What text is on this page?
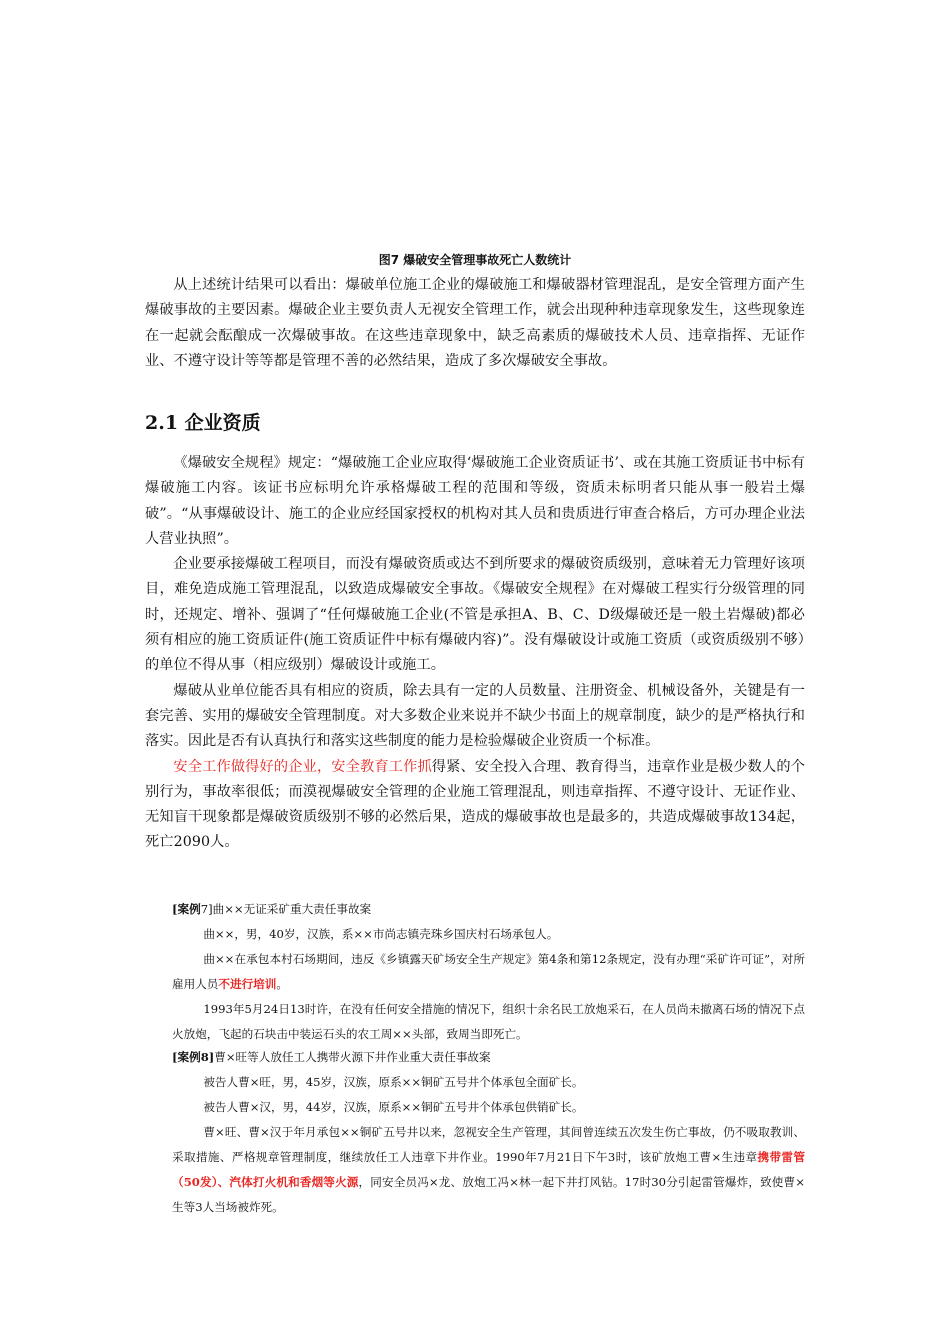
图7 爆破安全管理事故死亡人数统计

从上述统计结果可以看出：爆破单位施工企业的爆破施工和爆破器材管理混乱，是安全管理方面产生爆破事故的主要因素。爆破企业主要负责人无视安全管理工作，就会出现种种违章现象发生，这些现象连在一起就会酝酿成一次爆破事故。在这些违章现象中，缺乏高素质的爆破技术人员、违章指挥、无证作业、不遵守设计等等都是管理不善的必然结果，造成了多次爆破安全事故。

2.1 企业资质

《爆破安全规程》规定：“爆破施工企业应取得‘爆破施工企业资质证书’、或在其施工资质证书中标有爆破施工内容。该证书应标明允许承格爆破工程的范围和等级，资质未标明者只能从事一般岩土爆破”。“从事爆破设计、施工的企业应经国家授权的机构对其人员和贵质进行审查合格后，方可办理企业法人营业执照”。

企业要承接爆破工程项目，而没有爆破资质或达不到所要求的爆破资质级别，意味着无力管理好该项目，难免造成施工管理混乱，以致造成爆破安全事故。《爆破安全规程》在对爆破工程实行分级管理的同时，还规定、增补、强调了“任何爆破施工企业(不管是承担A、B、C、D级爆破还是一般土岩爆破)都必须有相应的施工资质证件(施工资质证件中标有爆破内容)”。没有爆破设计或施工资质（或资质级别不够）的单位不得从事（相应级别）爆破设计或施工。

爆破从业单位能否具有相应的资质，除去具有一定的人员数量、注册资金、机械设备外，关键是有一套完善、实用的爆破安全管理制度。对大多数企业来说并不缺少书面上的规章制度，缺少的是严格执行和落实。因此是否有认真执行和落实这些制度的能力是检验爆破企业资质一个标准。

安全工作做得好的企业，安全教育工作抓得紧、安全投入合理、教育得当，违章作业是极少数人的个别行为，事故率很低；而漠视爆破安全管理的企业施工管理混乱，则违章指挥、不遵守设计、无证作业、无知盲干现象都是爆破资质级别不够的必然后果，造成的爆破事故也是最多的，共造成爆破事故134起，死亡2090人。

[案例7]曲××无证采矿重大责任事故案

曲××，男，40岁，汉族，系××市尚志镇壳珠乡国庆村石场承包人。

曲××在承包本村石场期间，违反《乡镇露天矿场安全生产规定》第4条和第12条规定，没有办理“采矿许可证”，对所雇用人员不进行培训。

1993年5月24日13时许，在没有任何安全措施的情况下，组织十余名民工放炮采石，在人员尚未撤离石场的情况下点火放炮，飞起的石块击中装运石头的农工周××头部，致周当即死亡。

[案例8]曹×旺等人放任工人携带火源下井作业重大责任事故案

被告人曹×旺，男，45岁，汉族，原系××铜矿五号井个体承包全面矿长。

被告人曹×汉，男，44岁，汉族，原系××铜矿五号井个体承包供销矿长。

曹×旺、曹×汉于年月承包××铜矿五号井以来，忽视安全生产管理，其间曾连续五次发生伤亡事故，仍不吸取教训、采取措施、严格规章管理制度，继续放任工人违章下井作业。1990年7月21日下午3时，该矿放炮工曹×生违章携带雷管（50发）、汽体打火机和香烟等火源，同安全员冯×龙、放炮工冯×林一起下井打风钻。17时30分引起雷管爆炸，致使曹×生等3人当场被炸死。
